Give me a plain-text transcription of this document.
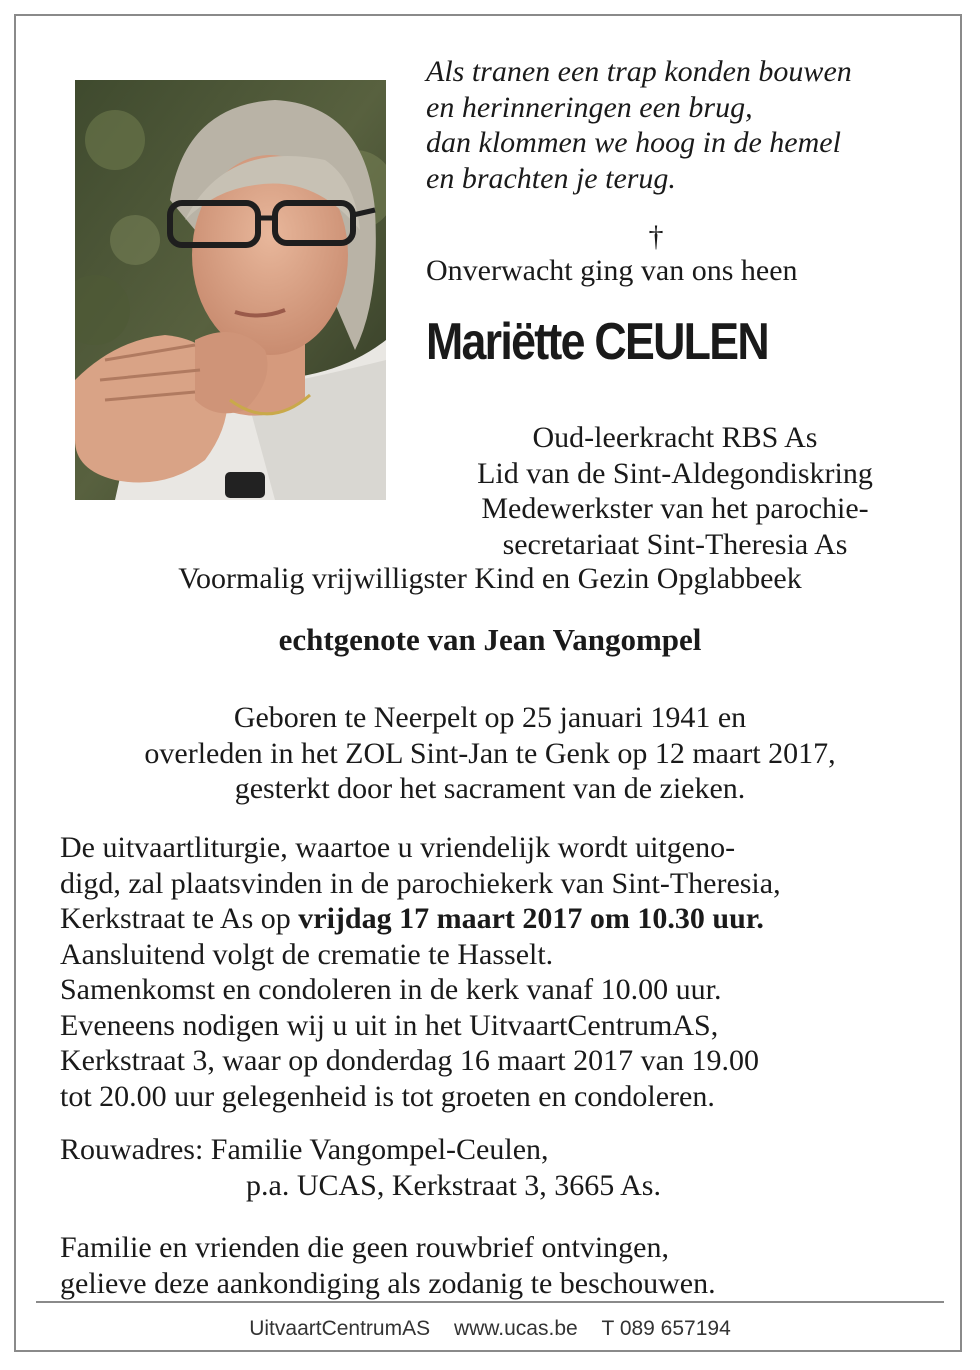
Als tranen een trap konden bouwen
en herinneringen een brug,
dan klommen we hoog in de hemel
en brachten je terug.
†
Onverwacht ging van ons heen
Mariëtte CEULEN
Oud-leerkracht RBS As
Lid van de Sint-Aldegondiskring
Medewerkster van het parochie-
secretariaat Sint-Theresia As
Voormalig vrijwilligster Kind en Gezin Opglabbeek
echtgenote van Jean Vangompel
Geboren te Neerpelt op 25 januari 1941 en
overleden in het ZOL Sint-Jan te Genk op 12 maart 2017,
gesterkt door het sacrament van de zieken.
De uitvaartliturgie, waartoe u vriendelijk wordt uitgeno-
digd, zal plaatsvinden in de parochiekerk van Sint-Theresia,
Kerkstraat te As op vrijdag 17 maart 2017 om 10.30 uur.
Aansluitend volgt de crematie te Hasselt.
Samenkomst en condoleren in de kerk vanaf 10.00 uur.
Eveneens nodigen wij u uit in het UitvaartCentrumAS,
Kerkstraat 3, waar op donderdag 16 maart 2017 van 19.00
tot 20.00 uur gelegenheid is tot groeten en condoleren.
Rouwadres: Familie Vangompel-Ceulen,
p.a. UCAS, Kerkstraat 3, 3665 As.
Familie en vrienden die geen rouwbrief ontvingen,
gelieve deze aankondiging als zodanig te beschouwen.
UitvaartCentrumAS www.ucas.be T 089 657194
